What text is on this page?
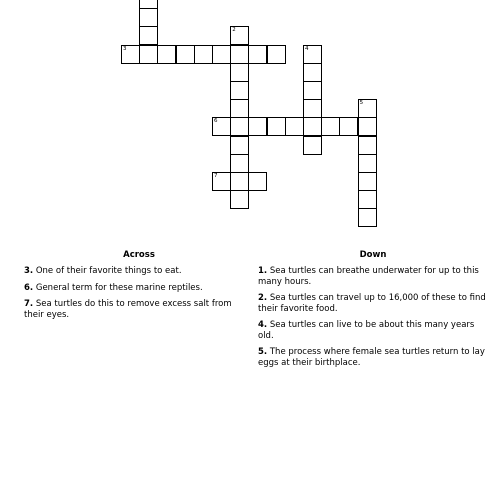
3
2
4
6
5
7
Across
3. One of their favorite things to eat.
6. General term for these marine reptiles.
7. Sea turtles do this to remove excess salt from their eyes.
Down
1. Sea turtles can breathe underwater for up to this many hours.
2. Sea turtles can travel up to 16,000 of these to find their favorite food.
4. Sea turtles can live to be about this many years old.
5. The process where female sea turtles return to lay eggs at their birthplace.
